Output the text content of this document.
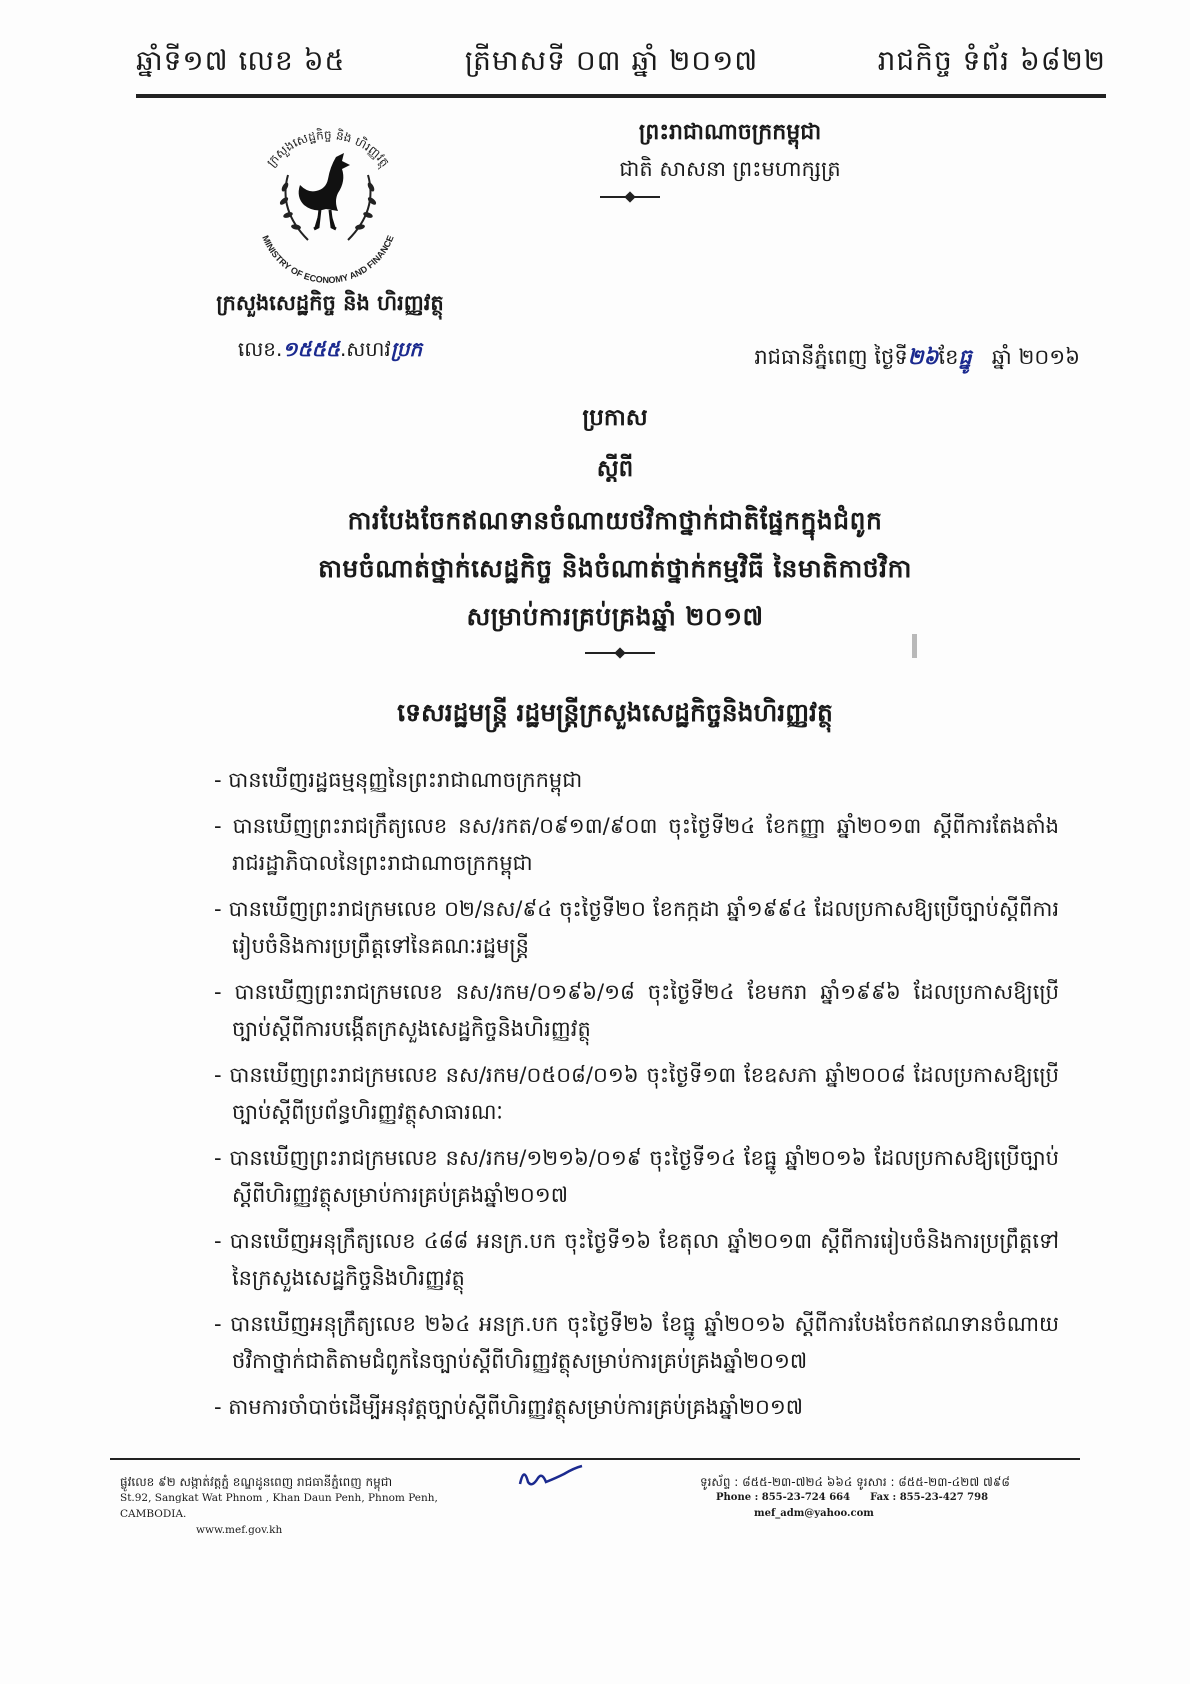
ឆ្នាំទី១៧ លេខ ៦៥	ត្រីមាសទី ០៣ ឆ្នាំ ២០១៧	រាជកិច្ច ទំព័រ ៦៨២២
ក្រសួងសេដ្ឋកិច្ច និង ហិរញ្ញវត្ថុ
MINISTRY OF ECONOMY AND FINANCE
ក្រសួងសេដ្ឋកិច្ច និង ហិរញ្ញវត្ថុ
លេខ.១៥៥៥.សហវប្រក
ព្រះរាជាណាចក្រកម្ពុជា
ជាតិ សាសនា ព្រះមហាក្សត្រ
រាជធានីភ្នំពេញ ថ្ងៃទី២៦ខែធ្នូ ឆ្នាំ ២០១៦
ប្រកាស
ស្តីពី
ការបែងចែកឥណទានចំណាយថវិកាថ្នាក់ជាតិផ្នែកក្នុងជំពូក
តាមចំណាត់ថ្នាក់សេដ្ឋកិច្ច និងចំណាត់ថ្នាក់កម្មវិធី នៃមាតិកាថវិកា
សម្រាប់ការគ្រប់គ្រងឆ្នាំ ២០១៧
ទេសរដ្ឋមន្ត្រី រដ្ឋមន្ត្រីក្រសួងសេដ្ឋកិច្ចនិងហិរញ្ញវត្ថុ
- បានឃើញរដ្ឋធម្មនុញ្ញនៃព្រះរាជាណាចក្រកម្ពុជា
- បានឃើញព្រះរាជក្រឹត្យលេខ នស/រកត/០៩១៣/៩០៣ ចុះថ្ងៃទី២៤ ខែកញ្ញា ឆ្នាំ២០១៣ ស្តីពីការតែងតាំងរាជរដ្ឋាភិបាលនៃព្រះរាជាណាចក្រកម្ពុជា
- បានឃើញព្រះរាជក្រមលេខ ០២/នស/៩៤ ចុះថ្ងៃទី២០ ខែកក្កដា ឆ្នាំ១៩៩៤ ដែលប្រកាសឱ្យប្រើច្បាប់ស្តីពីការរៀបចំនិងការប្រព្រឹត្តទៅនៃគណៈរដ្ឋមន្ត្រី
- បានឃើញព្រះរាជក្រមលេខ នស/រកម/០១៩៦/១៨ ចុះថ្ងៃទី២៤ ខែមករា ឆ្នាំ១៩៩៦ ដែលប្រកាសឱ្យប្រើច្បាប់ស្តីពីការបង្កើតក្រសួងសេដ្ឋកិច្ចនិងហិរញ្ញវត្ថុ
- បានឃើញព្រះរាជក្រមលេខ នស/រកម/០៥០៨/០១៦ ចុះថ្ងៃទី១៣ ខែឧសភា ឆ្នាំ២០០៨ ដែលប្រកាសឱ្យប្រើច្បាប់ស្តីពីប្រព័ន្ធហិរញ្ញវត្ថុសាធារណៈ
- បានឃើញព្រះរាជក្រមលេខ នស/រកម/១២១៦/០១៩ ចុះថ្ងៃទី១៤ ខែធ្នូ ឆ្នាំ២០១៦ ដែលប្រកាសឱ្យប្រើច្បាប់ស្តីពីហិរញ្ញវត្ថុសម្រាប់ការគ្រប់គ្រងឆ្នាំ២០១៧
- បានឃើញអនុក្រឹត្យលេខ ៤៨៨ អនក្រ.បក ចុះថ្ងៃទី១៦ ខែតុលា ឆ្នាំ២០១៣ ស្តីពីការរៀបចំនិងការប្រព្រឹត្តទៅនៃក្រសួងសេដ្ឋកិច្ចនិងហិរញ្ញវត្ថុ
- បានឃើញអនុក្រឹត្យលេខ ២៦៤ អនក្រ.បក ចុះថ្ងៃទី២៦ ខែធ្នូ ឆ្នាំ២០១៦ ស្តីពីការបែងចែកឥណទានចំណាយថវិកាថ្នាក់ជាតិតាមជំពូកនៃច្បាប់ស្តីពីហិរញ្ញវត្ថុសម្រាប់ការគ្រប់គ្រងឆ្នាំ២០១៧
- តាមការចាំបាច់ដើម្បីអនុវត្តច្បាប់ស្តីពីហិរញ្ញវត្ថុសម្រាប់ការគ្រប់គ្រងឆ្នាំ២០១៧
ផ្លូវលេខ ៩២ សង្កាត់វត្តភ្នំ ខណ្ឌដូនពេញ រាជធានីភ្នំពេញ កម្ពុជា
St.92, Sangkat Wat Phnom , Khan Daun Penh, Phnom Penh, CAMBODIA.
www.mef.gov.kh
ទូរស័ព្ទ : ៨៥៥-២៣-៧២៤ ៦៦៤ ទូរសារ : ៨៥៥-២៣-៤២៧ ៧៩៨
Phone : 855-23-724 664 Fax : 855-23-427 798
mef_adm@yahoo.com
